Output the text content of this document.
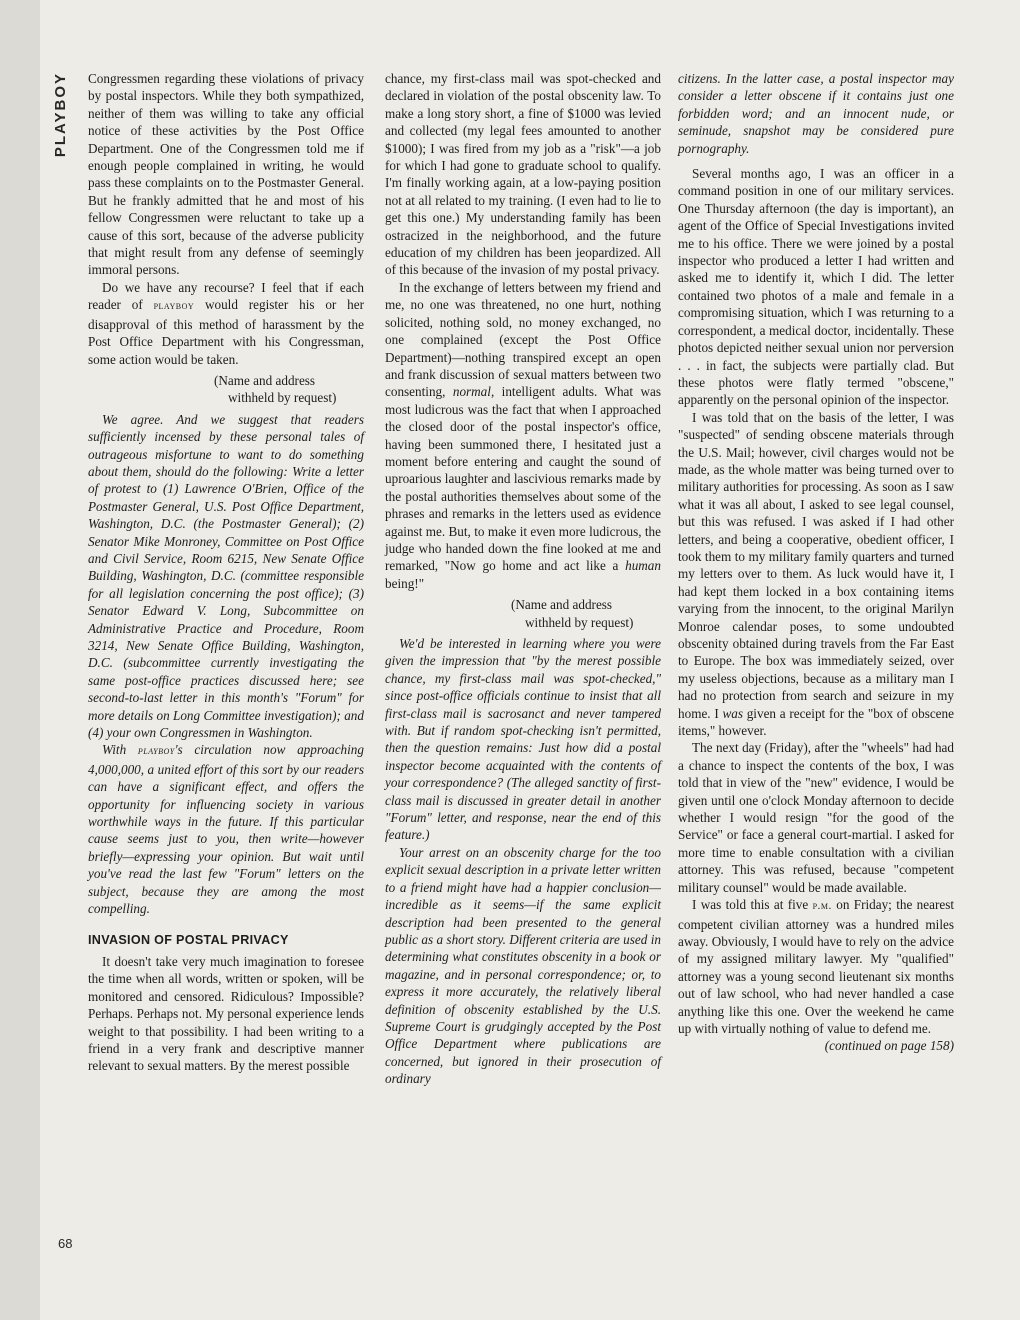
PLAYBOY
68

Congressmen regarding these violations of privacy by postal inspectors. While they both sympathized, neither of them was willing to take any official notice of these activities by the Post Office Department. One of the Congressmen told me if enough people complained in writing, he would pass these complaints on to the Postmaster General. But he frankly admitted that he and most of his fellow Congressmen were reluctant to take up a cause of this sort, because of the adverse publicity that might result from any defense of seemingly immoral persons.

Do we have any recourse? I feel that if each reader of playboy would register his or her disapproval of this method of harassment by the Post Office Department with his Congressman, some action would be taken.

(Name and address
withheld by request)

We agree. And we suggest that readers sufficiently incensed by these personal tales of outrageous misfortune to want to do something about them, should do the following: Write a letter of protest to (1) Lawrence O'Brien, Office of the Postmaster General, U.S. Post Office Department, Washington, D.C. (the Postmaster General); (2) Senator Mike Monroney, Committee on Post Office and Civil Service, Room 6215, New Senate Office Building, Washington, D.C. (committee responsible for all legislation concerning the post office); (3) Senator Edward V. Long, Subcommittee on Administrative Practice and Procedure, Room 3214, New Senate Office Building, Washington, D.C. (subcommittee currently investigating the same post-office practices discussed here; see second-to-last letter in this month's "Forum" for more details on Long Committee investigation); and (4) your own Congressmen in Washington.

With playboy's circulation now approaching 4,000,000, a united effort of this sort by our readers can have a significant effect, and offers the opportunity for influencing society in various worthwhile ways in the future. If this particular cause seems just to you, then write—however briefly—expressing your opinion. But wait until you've read the last few "Forum" letters on the subject, because they are among the most compelling.

INVASION OF POSTAL PRIVACY

It doesn't take very much imagination to foresee the time when all words, written or spoken, will be monitored and censored. Ridiculous? Impossible? Perhaps. Perhaps not. My personal experience lends weight to that possibility. I had been writing to a friend in a very frank and descriptive manner relevant to sexual matters. By the merest possible

chance, my first-class mail was spot-checked and declared in violation of the postal obscenity law. To make a long story short, a fine of $1000 was levied and collected (my legal fees amounted to another $1000); I was fired from my job as a "risk"—a job for which I had gone to graduate school to qualify. I'm finally working again, at a low-paying position not at all related to my training. (I even had to lie to get this one.) My understanding family has been ostracized in the neighborhood, and the future education of my children has been jeopardized. All of this because of the invasion of my postal privacy.

In the exchange of letters between my friend and me, no one was threatened, no one hurt, nothing solicited, nothing sold, no money exchanged, no one complained (except the Post Office Department)—nothing transpired except an open and frank discussion of sexual matters between two consenting, normal, intelligent adults. What was most ludicrous was the fact that when I approached the closed door of the postal inspector's office, having been summoned there, I hesitated just a moment before entering and caught the sound of uproarious laughter and lascivious remarks made by the postal authorities themselves about some of the phrases and remarks in the letters used as evidence against me. But, to make it even more ludicrous, the judge who handed down the fine looked at me and remarked, "Now go home and act like a human being!"

(Name and address
withheld by request)

We'd be interested in learning where you were given the impression that "by the merest possible chance, my first-class mail was spot-checked," since post-office officials continue to insist that all first-class mail is sacrosanct and never tampered with. But if random spot-checking isn't permitted, then the question remains: Just how did a postal inspector become acquainted with the contents of your correspondence? (The alleged sanctity of first-class mail is discussed in greater detail in another "Forum" letter, and response, near the end of this feature.)

Your arrest on an obscenity charge for the too explicit sexual description in a private letter written to a friend might have had a happier conclusion—incredible as it seems—if the same explicit description had been presented to the general public as a short story. Different criteria are used in determining what constitutes obscenity in a book or magazine, and in personal correspondence; or, to express it more accurately, the relatively liberal definition of obscenity established by the U.S. Supreme Court is grudgingly accepted by the Post Office Department where publications are concerned, but ignored in their prosecution of ordinary

citizens. In the latter case, a postal inspector may consider a letter obscene if it contains just one forbidden word; and an innocent nude, or seminude, snapshot may be considered pure pornography.

Several months ago, I was an officer in a command position in one of our military services. One Thursday afternoon (the day is important), an agent of the Office of Special Investigations invited me to his office. There we were joined by a postal inspector who produced a letter I had written and asked me to identify it, which I did. The letter contained two photos of a male and female in a compromising situation, which I was returning to a correspondent, a medical doctor, incidentally. These photos depicted neither sexual union nor perversion . . . in fact, the subjects were partially clad. But these photos were flatly termed "obscene," apparently on the personal opinion of the inspector.

I was told that on the basis of the letter, I was "suspected" of sending obscene materials through the U.S. Mail; however, civil charges would not be made, as the whole matter was being turned over to military authorities for processing. As soon as I saw what it was all about, I asked to see legal counsel, but this was refused. I was asked if I had other letters, and being a cooperative, obedient officer, I took them to my military family quarters and turned my letters over to them. As luck would have it, I had kept them locked in a box containing items varying from the innocent, to the original Marilyn Monroe calendar poses, to some undoubted obscenity obtained during travels from the Far East to Europe. The box was immediately seized, over my useless objections, because as a military man I had no protection from search and seizure in my home. I was given a receipt for the "box of obscene items," however.

The next day (Friday), after the "wheels" had had a chance to inspect the contents of the box, I was told that in view of the "new" evidence, I would be given until one o'clock Monday afternoon to decide whether I would resign "for the good of the Service" or face a general court-martial. I asked for more time to enable consultation with a civilian attorney. This was refused, because "competent military counsel" would be made available.

I was told this at five p.m. on Friday; the nearest competent civilian attorney was a hundred miles away. Obviously, I would have to rely on the advice of my assigned military lawyer. My "qualified" attorney was a young second lieutenant six months out of law school, who had never handled a case anything like this one. Over the weekend he came up with virtually nothing of value to defend me.

(continued on page 158)
